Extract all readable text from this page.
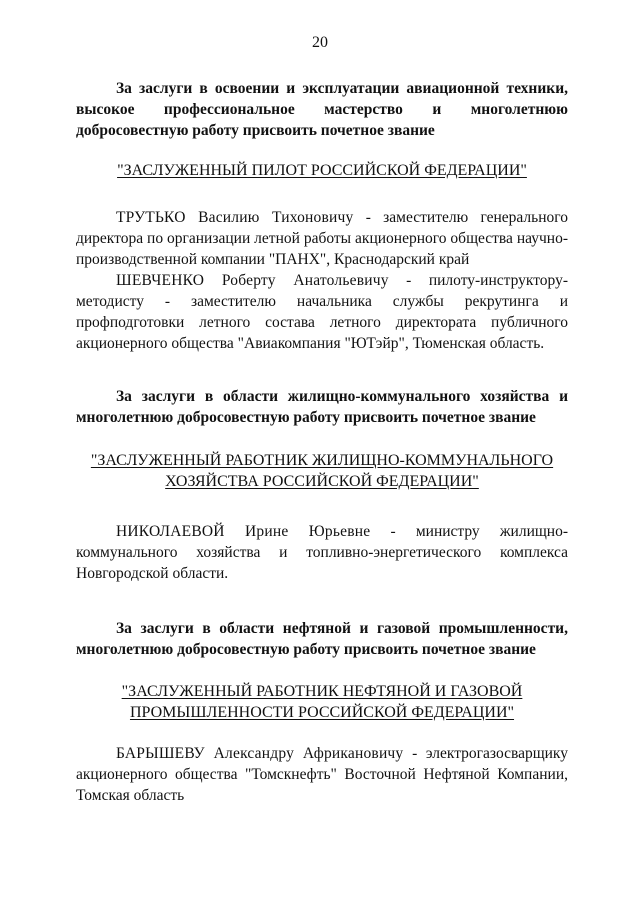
20

За заслуги в освоении и эксплуатации авиационной техники, высокое профессиональное мастерство и многолетнюю добросовестную работу присвоить почетное звание

"ЗАСЛУЖЕННЫЙ ПИЛОТ РОССИЙСКОЙ ФЕДЕРАЦИИ"

ТРУТЬКО Василию Тихоновичу - заместителю генерального директора по организации летной работы акционерного общества научно-производственной компании "ПАНХ", Краснодарский край

ШЕВЧЕНКО Роберту Анатольевичу - пилоту-инструктору-методисту - заместителю начальника службы рекрутинга и профподготовки летного состава летного директората публичного акционерного общества "Авиакомпания "ЮТэйр", Тюменская область.

За заслуги в области жилищно-коммунального хозяйства и многолетнюю добросовестную работу присвоить почетное звание

"ЗАСЛУЖЕННЫЙ РАБОТНИК ЖИЛИЩНО-КОММУНАЛЬНОГО
ХОЗЯЙСТВА РОССИЙСКОЙ ФЕДЕРАЦИИ"

НИКОЛАЕВОЙ Ирине Юрьевне - министру жилищно-коммунального хозяйства и топливно-энергетического комплекса Новгородской области.

За заслуги в области нефтяной и газовой промышленности, многолетнюю добросовестную работу присвоить почетное звание

"ЗАСЛУЖЕННЫЙ РАБОТНИК НЕФТЯНОЙ И ГАЗОВОЙ
ПРОМЫШЛЕННОСТИ РОССИЙСКОЙ ФЕДЕРАЦИИ"

БАРЫШЕВУ Александру Африкановичу - электрогазосварщику акционерного общества "Томскнефть" Восточной Нефтяной Компании, Томская область
